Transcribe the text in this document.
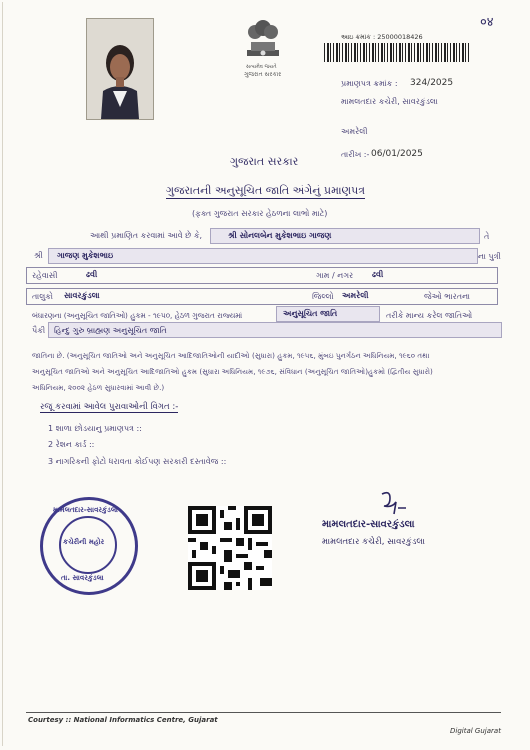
०४
સત્યમેવ જયતે
ગુજરાત સરકાર
આઇ ક્રમાંક : 25000018426
પ્રમાણપત્ર ક્રમાંક : 324/2025
મામલતદાર કચેરી, સાવરકુંડલા
અમરેલી
તારીખ :- 06/01/2025
ગુજરાત સરકાર
ગુજરાતની અનુસૂચિત જાતિ અંગેનું પ્રમાણપત્ર
(ફક્ત ગુજરાત સરકાર હેઠળના લાભો માટે)
આથી પ્રમાણિત કરવામાં આવે છે કે,	શ્રી સોનલબેન મુકેશભાઇ ગાજણ	તે
શ્રી ગાજણ મુકેશભાઇ	ના પુત્રી
રહેવાસી	ઢવી	ગામ / નગર ઢવી
તાલુકો સાવરકુંડલા	જિલ્લો અમરેલી	જેઓ ભારતના
બંધારણના (અનુસૂચિત જાતિઓ) હુકમ - ૧૯૫૦, હેઠળ ગુજરાત રાજ્યમાં	અનુસૂચિત જાતિ	તરીકે માન્ય કરેલ જાતિઓ
પૈકી હિન્દુ ગુરુ બ્રાહ્મણ અનુસૂચિત જાતિ
જાતિના છે. (અનુસૂચિત જાતિઓ અને અનુસૂચિત આદિજાતિઓની યાદીઓ (સુધારા) હુકમ, ૧૯૫૬, મુંબઇ પુનર્ગઠન અધિનિયમ, ૧૯૬૦ તથા
અનુસૂચિત જાતિઓ અને અનુસૂચિત આદિજાતિઓ હુકમ (સુધારા અધિનિયમ, ૧૯૭૬, સંવિધાન (અનુસૂચિત જાતિઓ)હુકમો (દ્વિતીય સુધારો)
અધિનિયમ, ૨૦૦૨ હેઠળ સુધારવામાં આવી છે.)
રજૂ કરવામાં આવેલ પુરાવાઓની વિગત :-
1 શાળા છોડયાનુ પ્રમાણપત્ર ::
2 રેશન કાર્ડ ::
3 નાગરિકની ફોટો ધરાવતા કોઈપણ સરકારી દસ્તાવેજ ::
મામલતદાર-સાવરકુંડલા
કચેરીની મહોર
તા. સાવરકુંડલા
મામલતદાર-સાવરકુંડલા
મામલતદાર કચેરી, સાવરકુંડલા
Courtesy :: National Informatics Centre, Gujarat
Digital Gujarat
